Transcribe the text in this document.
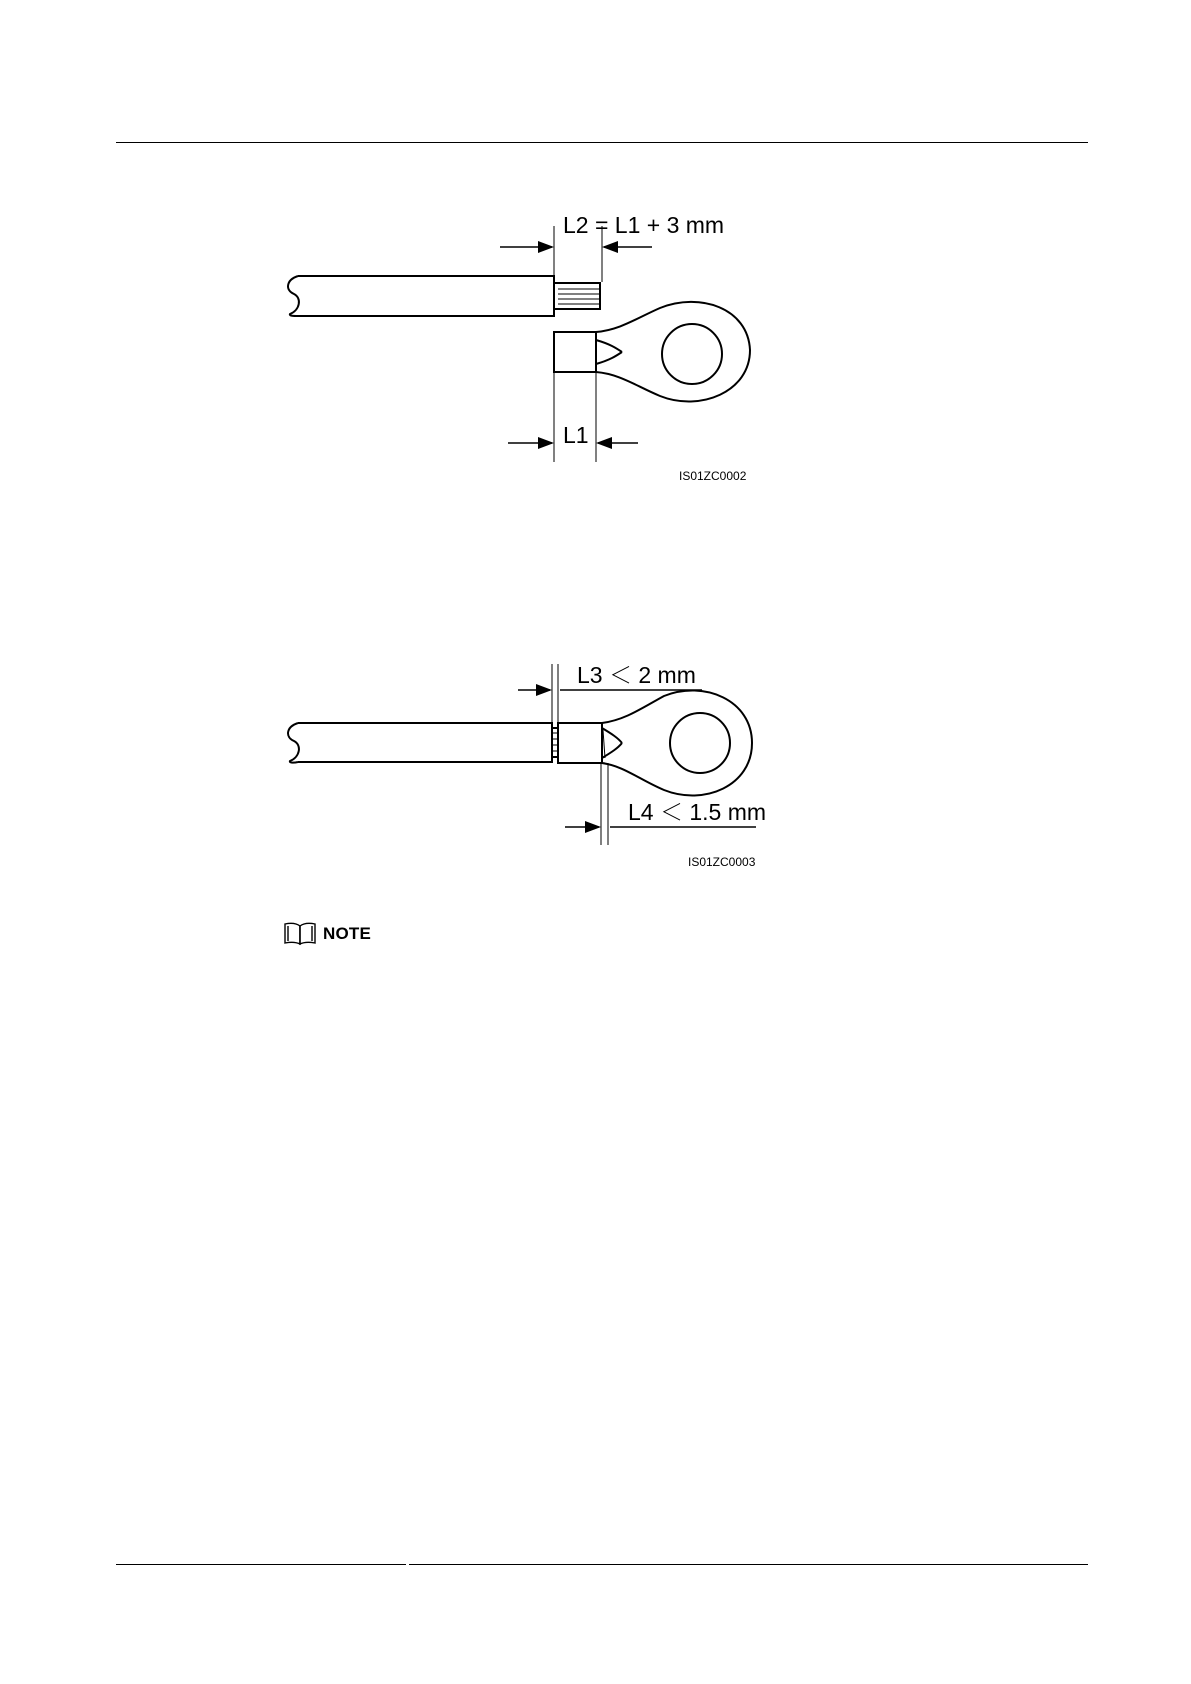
L2 = L1 + 3 mm
L1
IS01ZC0002
L3 ＜ 2 mm
L4 ＜ 1.5 mm
IS01ZC0003
NOTE
